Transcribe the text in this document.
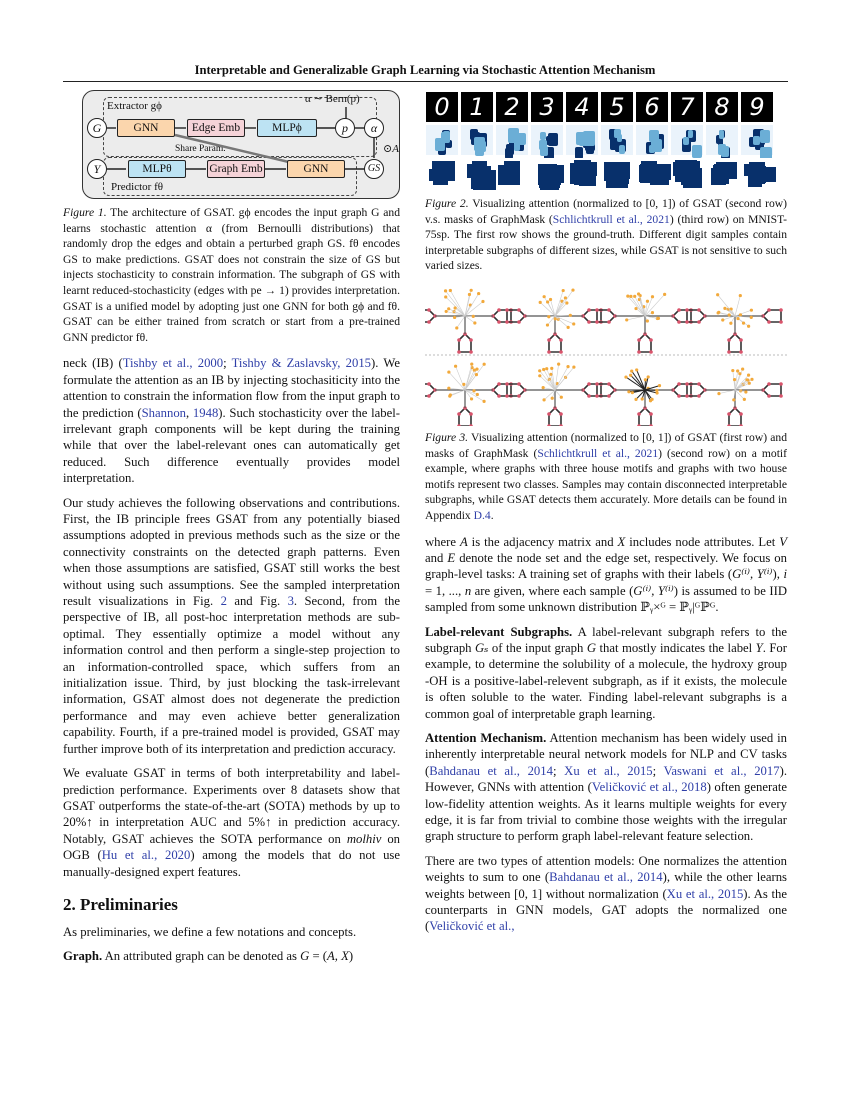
Interpretable and Generalizable Graph Learning via Stochastic Attention Mechanism
Extractor gϕ
Predictor fθ
α ∼ Bern(p)
⊙A
Share Param.
G	GNN	Edge Emb	MLPϕ	p	α
GS
GNN
Graph Emb
MLPθ
Y

Figure 1. The architecture of GSAT. gϕ encodes the input graph G and learns stochastic attention α (from Bernoulli distributions) that randomly drop the edges and obtain a perturbed graph GS. fθ encodes GS to make predictions. GSAT does not constrain the size of GS but injects stochasticity to constrain information. The subgraph of GS with learnt reduced-stochasticity (edges with pe → 1) provides interpretation. GSAT is a unified model by adopting just one GNN for both gϕ and fθ. GSAT can be either trained from scratch or start from a pre-trained GNN predictor fθ.

neck (IB) (Tishby et al., 2000; Tishby & Zaslavsky, 2015). We formulate the attention as an IB by injecting stochasiticity into the attention to constrain the information flow from the input graph to the prediction (Shannon, 1948). Such stochasticity over the label-irrelevant graph components will be kept during the training while that over the label-relevant ones can automatically get reduced. Such difference eventually provides model interpretation.

Our study achieves the following observations and contributions. First, the IB principle frees GSAT from any potentially biased assumptions adopted in previous methods such as the size or the connectivity constraints on the detected graph patterns. Even when those assumptions are satisfied, GSAT still works the best without using such assumptions. See the sampled interpretation result visualizations in Fig. 2 and Fig. 3. Second, from the perspective of IB, all post-hoc interpretation methods are sub-optimal. They essentially optimize a model without any information control and then perform a single-step projection to an information-controlled space, which suffers from an initialization issue. Third, by just blocking the task-irrelevant information, GSAT almost does not degenerate the prediction performance and may even achieve better generalization capability. Fourth, if a pre-trained model is provided, GSAT may further improve both of its interpretation and prediction accuracy.

We evaluate GSAT in terms of both interpretability and label-prediction performance. Experiments over 8 datasets show that GSAT outperforms the state-of-the-art (SOTA) methods by up to 20%↑ in interpretation AUC and 5%↑ in prediction accuracy. Notably, GSAT achieves the SOTA performance on molhiv on OGB (Hu et al., 2020) among the models that do not use manually-designed expert features.

2. Preliminaries

As preliminaries, we define a few notations and concepts.

Graph. An attributed graph can be denoted as G = (A, X)

0 1 2 3 4 5 6 7 8 9

Figure 2. Visualizing attention (normalized to [0, 1]) of GSAT (second row) v.s. masks of GraphMask (Schlichtkrull et al., 2021) (third row) on MNIST-75sp. The first row shows the ground-truth. Different digit samples contain interpretable subgraphs of different sizes, while GSAT is not sensitive to such varied sizes.

Figure 3. Visualizing attention (normalized to [0, 1]) of GSAT (first row) and masks of GraphMask (Schlichtkrull et al., 2021) (second row) on a motif example, where graphs with three house motifs and graphs with two house motifs represent two classes. Samples may contain disconnected interpretable subgraphs, while GSAT detects them accurately. More details can be found in Appendix D.4.

where A is the adjacency matrix and X includes node attributes. Let V and E denote the node set and the edge set, respectively. We focus on graph-level tasks: A training set of graphs with their labels (G⁽ⁱ⁾, Y⁽ⁱ⁾), i = 1, ..., n are given, where each sample (G⁽ⁱ⁾, Y⁽ⁱ⁾) is assumed to be IID sampled from some unknown distribution ℙᵧ×ᴳ = ℙᵧ|ᴳℙᴳ.

Label-relevant Subgraphs. A label-relevant subgraph refers to the subgraph Gₛ of the input graph G that mostly indicates the label Y. For example, to determine the solubility of a molecule, the hydroxy group -OH is a positive-label-relevent subgraph, as if it exists, the molecule is often soluble to the water. Finding label-relevant subgraphs is a common goal of interpretable graph learning.

Attention Mechanism. Attention mechanism has been widely used in inherently interpretable neural network models for NLP and CV tasks (Bahdanau et al., 2014; Xu et al., 2015; Vaswani et al., 2017). However, GNNs with attention (Veličković et al., 2018) often generate low-fidelity attention weights. As it learns multiple weights for every edge, it is far from trivial to combine those weights with the irregular graph structure to perform graph label-relevant feature selection.

There are two types of attention models: One normalizes the attention weights to sum to one (Bahdanau et al., 2014), while the other learns weights between [0, 1] without normalization (Xu et al., 2015). As the counterparts in GNN models, GAT adopts the normalized one (Veličković et al.,
